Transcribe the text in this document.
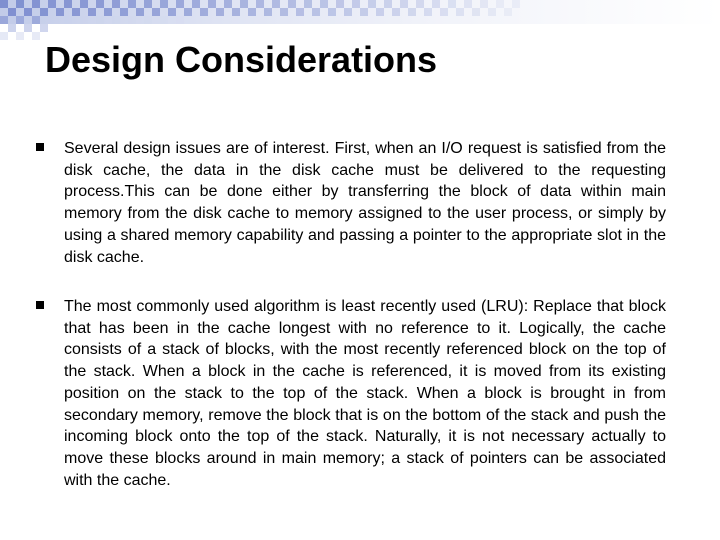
Design Considerations

Several design issues are of interest. First, when an I/O request is satisfied from the disk cache, the data in the disk cache must be delivered to the requesting process.This can be done either by transferring the block of data within main memory from the disk cache to memory assigned to the user process, or simply by using a shared memory capability and passing a pointer to the appropriate slot in the disk cache.

The most commonly used algorithm is least recently used (LRU): Replace that block that has been in the cache longest with no reference to it. Logically, the cache consists of a stack of blocks, with the most recently referenced block on the top of the stack. When a block in the cache is referenced, it is moved from its existing position on the stack to the top of the stack. When a block is brought in from secondary memory, remove the block that is on the bottom of the stack and push the incoming block onto the top of the stack. Naturally, it is not necessary actually to move these blocks around in main memory; a stack of pointers can be associated with the cache.
